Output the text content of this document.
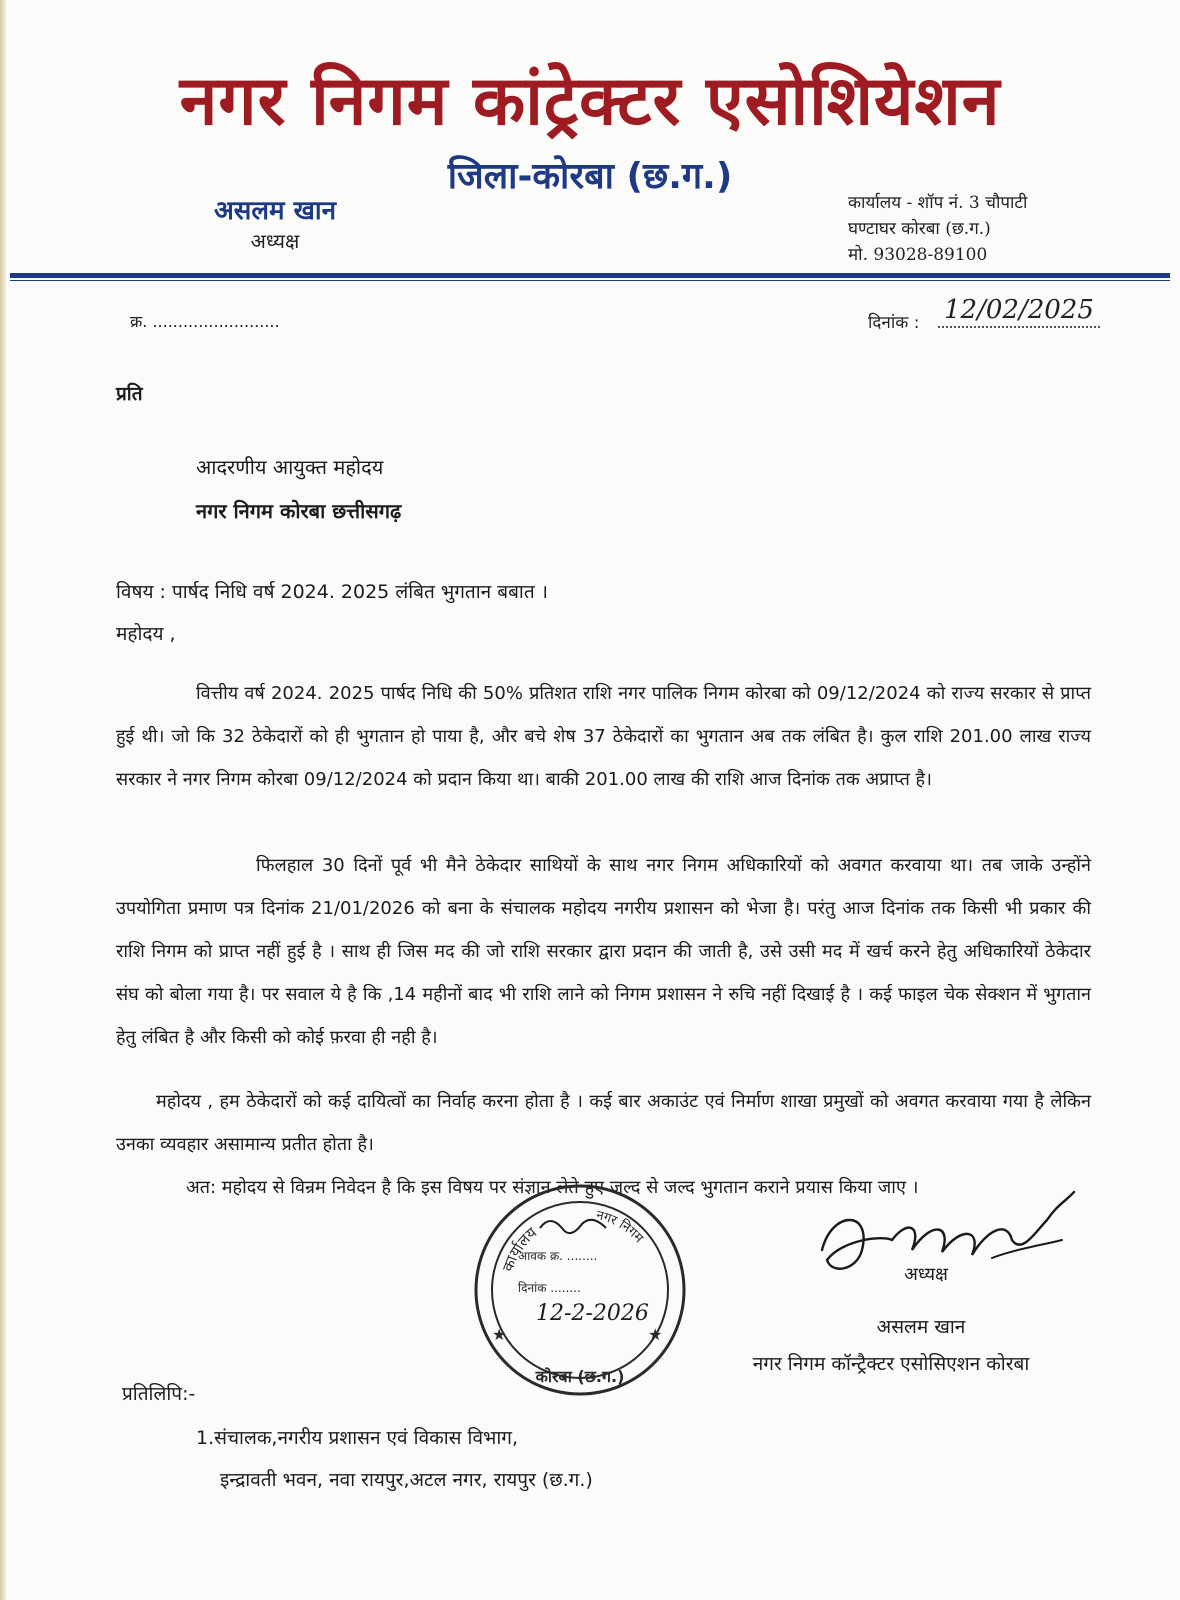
नगर निगम कांट्रेक्टर एसोशियेशन
जिला-कोरबा (छ.ग.)
असलम खान
अध्यक्ष
कार्यालय - शॉप नं. 3 चौपाटी
घण्टाघर कोरबा (छ.ग.)
मो. 93028-89100
क्र. .........................	दिनांक : 12/02/2025
प्रति
आदरणीय आयुक्त महोदय
नगर निगम कोरबा छत्तीसगढ़
विषय : पार्षद निधि वर्ष 2024. 2025 लंबित भुगतान बबात ।
महोदय ,
वित्तीय वर्ष 2024. 2025 पार्षद निधि की 50% प्रतिशत राशि नगर पालिक निगम कोरबा को 09/12/2024 को राज्य सरकार से प्राप्त हुई थी। जो कि 32 ठेकेदारों को ही भुगतान हो पाया है, और बचे शेष 37 ठेकेदारों का भुगतान अब तक लंबित है। कुल राशि 201.00 लाख राज्य सरकार ने नगर निगम कोरबा 09/12/2024 को प्रदान किया था। बाकी 201.00 लाख की राशि आज दिनांक तक अप्राप्त है।
फिलहाल 30 दिनों पूर्व भी मैने ठेकेदार साथियों के साथ नगर निगम अधिकारियों को अवगत करवाया था। तब जाके उन्होंने उपयोगिता प्रमाण पत्र दिनांक 21/01/2026 को बना के संचालक महोदय नगरीय प्रशासन को भेजा है। परंतु आज दिनांक तक किसी भी प्रकार की राशि निगम को प्राप्त नहीं हुई है । साथ ही जिस मद की जो राशि सरकार द्वारा प्रदान की जाती है, उसे उसी मद में खर्च करने हेतु अधिकारियों ठेकेदार संघ को बोला गया है। पर सवाल ये है कि ,14 महीनों बाद भी राशि लाने को निगम प्रशासन ने रुचि नहीं दिखाई है । कई फाइल चेक सेक्शन में भुगतान हेतु लंबित है और किसी को कोई फ़रवा ही नही है।
महोदय , हम ठेकेदारों को कई दायित्वों का निर्वाह करना होता है । कई बार अकाउंट एवं निर्माण शाखा प्रमुखों को अवगत करवाया गया है लेकिन उनका व्यवहार असामान्य प्रतीत होता है।
अत: महोदय से विन्रम निवेदन है कि इस विषय पर संज्ञान लेते हुए जल्द से जल्द भुगतान कराने प्रयास किया जाए ।
कार्यालय
नगर निगम
कोरबा (छ.ग.)
आवक क्र. ........
दिनांक ........
12-2-2026
★	★
अध्यक्ष
असलम खान
नगर निगम कॉन्ट्रैक्टर एसोसिएशन कोरबा
प्रतिलिपि:-
1.संचालक,नगरीय प्रशासन एवं विकास विभाग,
इन्द्रावती भवन, नवा रायपुर,अटल नगर, रायपुर (छ.ग.)
